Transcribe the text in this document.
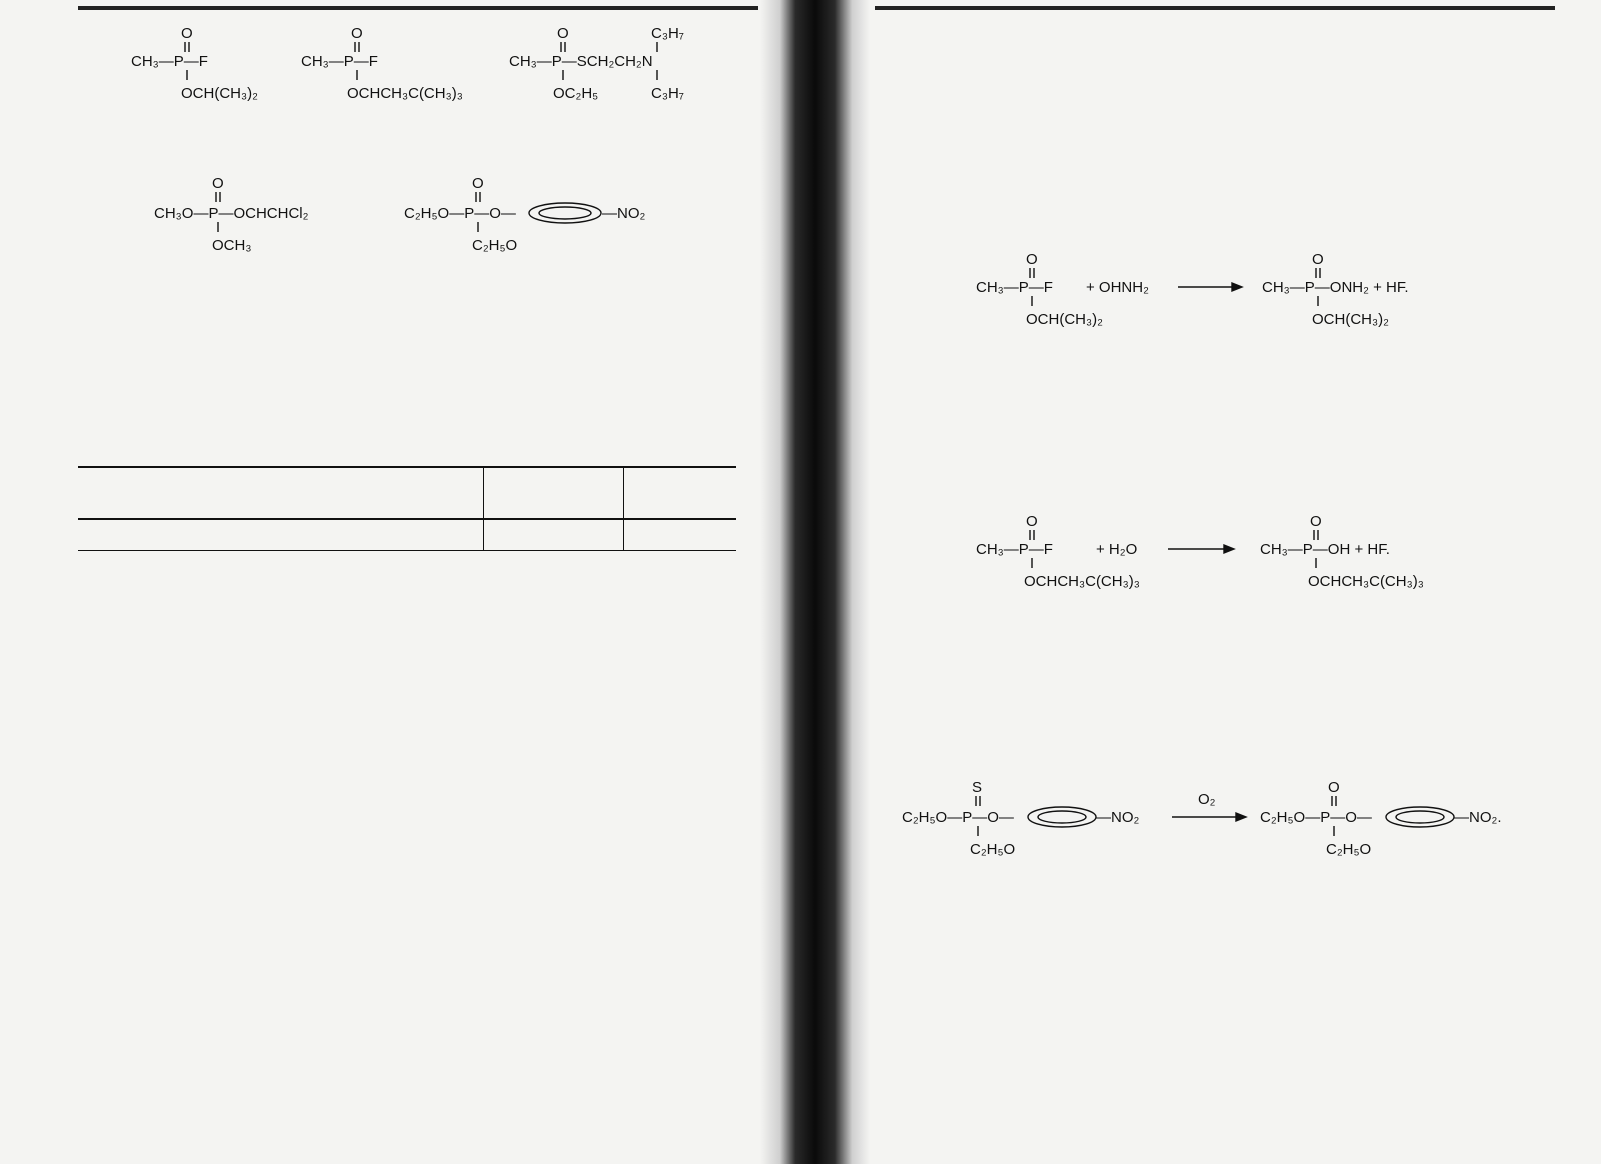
O
CH₃—P—F
OCH(CH₃)₂
O
CH₃—P—F
OCHCH₃C(CH₃)₃
O	C₃H₇
CH₃—P—SCH₂CH₂N
OC₂H₅	C₃H₇
O
CH₃O—P—OCHCHCl₂
OCH₃
O
C₂H₅O—P—O—	—NO₂
C₂H₅O

O
CH₃—P—F
OCH(CH₃)₂
+ OHNH₂
O
CH₃—P—ONH₂ + HF.
OCH(CH₃)₂

O
CH₃—P—F
OCHCH₃C(CH₃)₃
+ H₂O
O
CH₃—P—OH + HF.
OCHCH₃C(CH₃)₃

S
C₂H₅O—P—O—	—NO₂
C₂H₅O
O₂
O
C₂H₅O—P—O—	—NO₂.
C₂H₅O
